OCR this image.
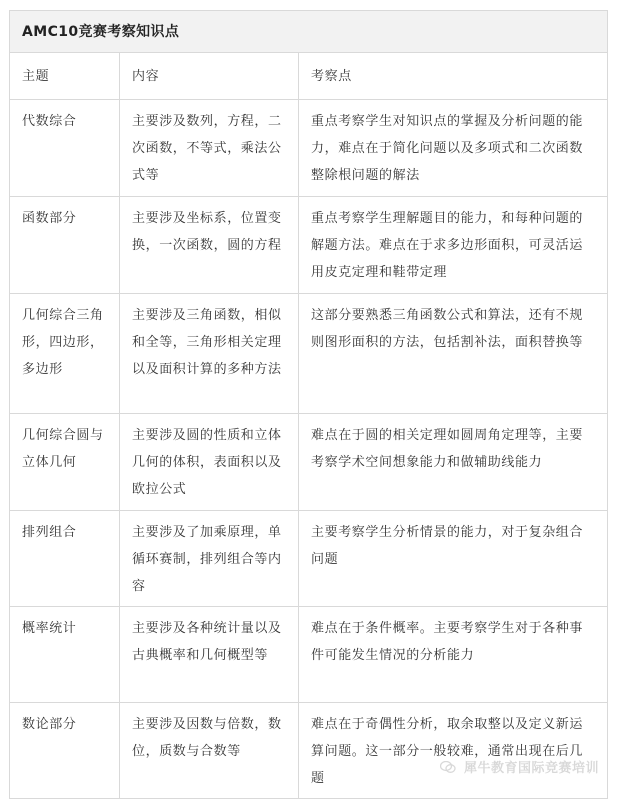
AMC10竞赛考察知识点		
主题	内容	考察点
代数综合	主要涉及数列，方程，二次函数，不等式，乘法公式等	重点考察学生对知识点的掌握及分析问题的能力，难点在于简化问题以及多项式和二次函数整除根问题的解法
函数部分	主要涉及坐标系，位置变换，一次函数，圆的方程	重点考察学生理解题目的能力，和每种问题的解题方法。难点在于求多边形面积，可灵活运用皮克定理和鞋带定理
几何综合三角形，四边形，多边形	主要涉及三角函数，相似和全等，三角形相关定理以及面积计算的多种方法	这部分要熟悉三角函数公式和算法，还有不规则图形面积的方法，包括割补法，面积替换等
几何综合圆与立体几何	主要涉及圆的性质和立体几何的体积，表面积以及欧拉公式	难点在于圆的相关定理如圆周角定理等，主要考察学术空间想象能力和做辅助线能力
排列组合	主要涉及了加乘原理，单循环赛制，排列组合等内容	主要考察学生分析情景的能力，对于复杂组合问题
概率统计	主要涉及各种统计量以及古典概率和几何概型等	难点在于条件概率。主要考察学生对于各种事件可能发生情况的分析能力
数论部分	主要涉及因数与倍数，数位，质数与合数等	难点在于奇偶性分析，取余取整以及定义新运算问题。这一部分一般较难，通常出现在后几题
犀牛教育国际竞赛培训
